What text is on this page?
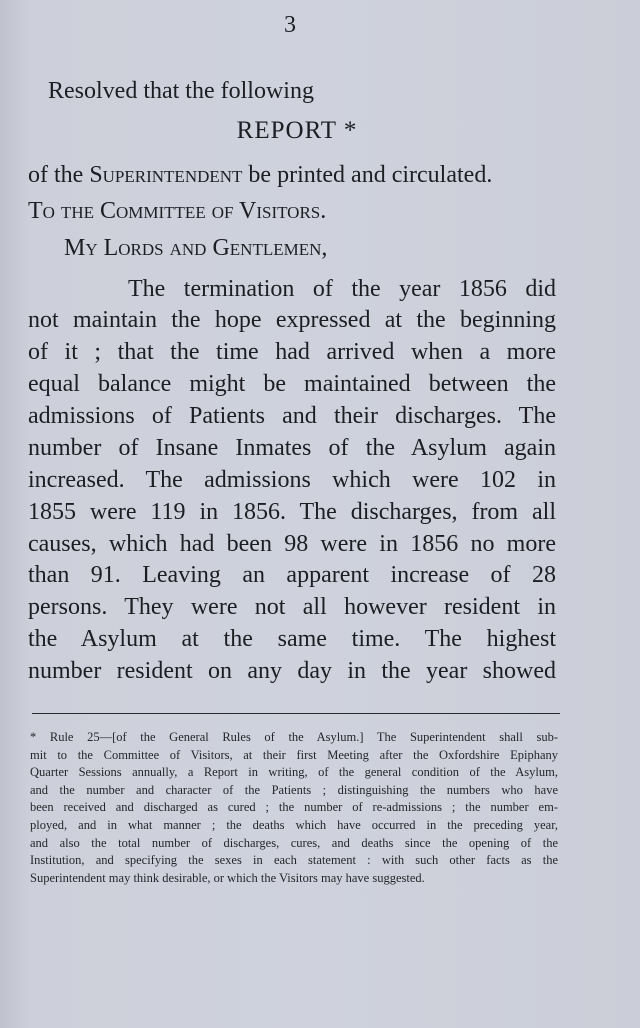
3
Resolved that the following
REPORT *
of the Superintendent be printed and circulated.
To the Committee of Visitors.
My Lords and Gentlemen,
The termination of the year 1856 did
not maintain the hope expressed at the beginning
of it ; that the time had arrived when a more
equal balance might be maintained between the
admissions of Patients and their discharges. The
number of Insane Inmates of the Asylum again
increased. The admissions which were 102 in
1855 were 119 in 1856. The discharges, from all
causes, which had been 98 were in 1856 no more
than 91. Leaving an apparent increase of 28
persons. They were not all however resident in
the Asylum at the same time. The highest
number resident on any day in the year showed
* Rule 25—[of the General Rules of the Asylum.] The Superintendent shall sub-
mit to the Committee of Visitors, at their first Meeting after the Oxfordshire Epiphany
Quarter Sessions annually, a Report in writing, of the general condition of the Asylum,
and the number and character of the Patients ; distinguishing the numbers who have
been received and discharged as cured ; the number of re-admissions ; the number em-
ployed, and in what manner ; the deaths which have occurred in the preceding year,
and also the total number of discharges, cures, and deaths since the opening of the
Institution, and specifying the sexes in each statement : with such other facts as the
Superintendent may think desirable, or which the Visitors may have suggested.
